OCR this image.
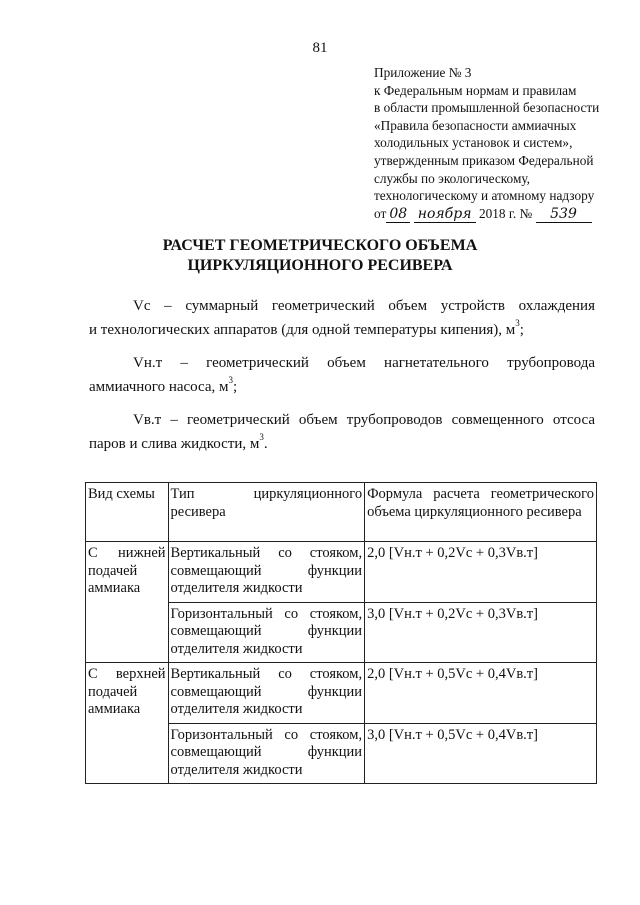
81
Приложение № 3
к Федеральным нормам и правилам
в области промышленной безопасности
«Правила безопасности аммиачных
холодильных установок и систем»,
утвержденным приказом Федеральной
службы по экологическому,
технологическому и атомному надзору
от 08 ноября 2018 г. № 539
РАСЧЕТ ГЕОМЕТРИЧЕСКОГО ОБЪЕМА
ЦИРКУЛЯЦИОННОГО РЕСИВЕРА

Vс – суммарный геометрический объем устройств охлаждения
и технологических аппаратов (для одной температуры кипения), $м^3$;

Vн.т – геометрический объем нагнетательного трубопровода
аммиачного насоса, $м^3$;

Vв.т – геометрический объем трубопроводов совмещенного отсоса
паров и слива жидкости, $м^3$.

Вид схемы	Тип циркуляционного ресивера	Формула расчета геометрического объема циркуляционного ресивера

С нижней подачей аммиака	Вертикальный со стояком, совмещающий функции отделителя жидкости	2,0 [Vн.т + 0,2Vс + 0,3Vв.т]

	Горизонтальный со стояком, совмещающий функции отделителя жидкости	3,0 [Vн.т + 0,2Vс + 0,3Vв.т]

С верхней подачей аммиака	Вертикальный со стояком, совмещающий функции отделителя жидкости	2,0 [Vн.т + 0,5Vс + 0,4Vв.т]

	Горизонтальный со стояком, совмещающий функции отделителя жидкости	3,0 [Vн.т + 0,5Vс + 0,4Vв.т]
